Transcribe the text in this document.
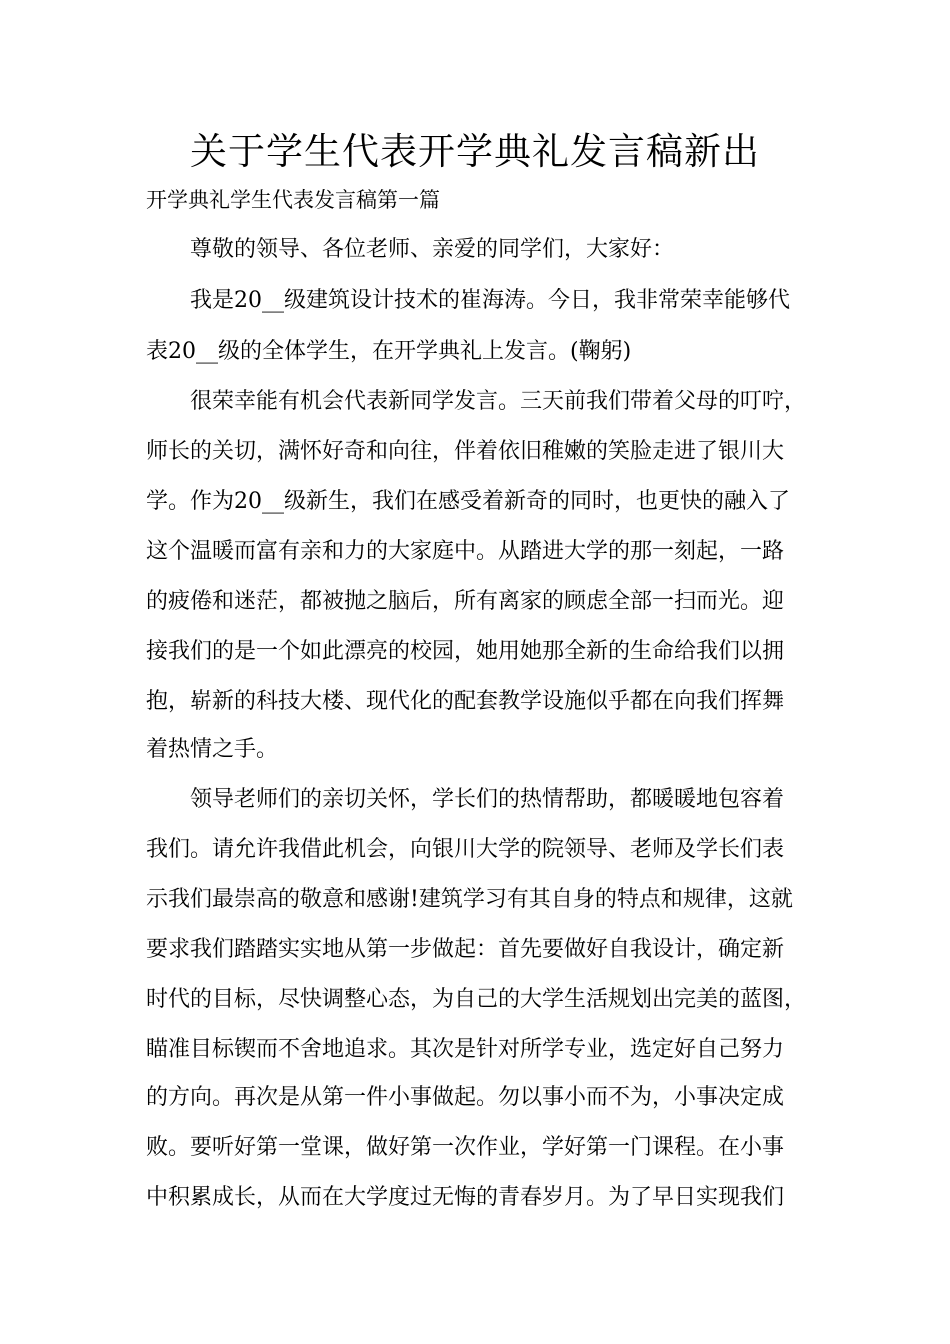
关于学生代表开学典礼发言稿新出

开学典礼学生代表发言稿第一篇

尊敬的领导、各位老师、亲爱的同学们，大家好：

我是20__级建筑设计技术的崔海涛。今日，我非常荣幸能够代

表20__级的全体学生，在开学典礼上发言。(鞠躬)

很荣幸能有机会代表新同学发言。三天前我们带着父母的叮咛，

师长的关切，满怀好奇和向往，伴着依旧稚嫩的笑脸走进了银川大

学。作为20__级新生，我们在感受着新奇的同时，也更快的融入了

这个温暖而富有亲和力的大家庭中。从踏进大学的那一刻起，一路

的疲倦和迷茫，都被抛之脑后，所有离家的顾虑全部一扫而光。迎

接我们的是一个如此漂亮的校园，她用她那全新的生命给我们以拥

抱，崭新的科技大楼、现代化的配套教学设施似乎都在向我们挥舞

着热情之手。

领导老师们的亲切关怀，学长们的热情帮助，都暖暖地包容着

我们。请允许我借此机会，向银川大学的院领导、老师及学长们表

示我们最崇高的敬意和感谢!建筑学习有其自身的特点和规律，这就

要求我们踏踏实实地从第一步做起：首先要做好自我设计，确定新

时代的目标，尽快调整心态，为自己的大学生活规划出完美的蓝图，

瞄准目标锲而不舍地追求。其次是针对所学专业，选定好自己努力

的方向。再次是从第一件小事做起。勿以事小而不为，小事决定成

败。要听好第一堂课，做好第一次作业，学好第一门课程。在小事

中积累成长，从而在大学度过无悔的青春岁月。为了早日实现我们
